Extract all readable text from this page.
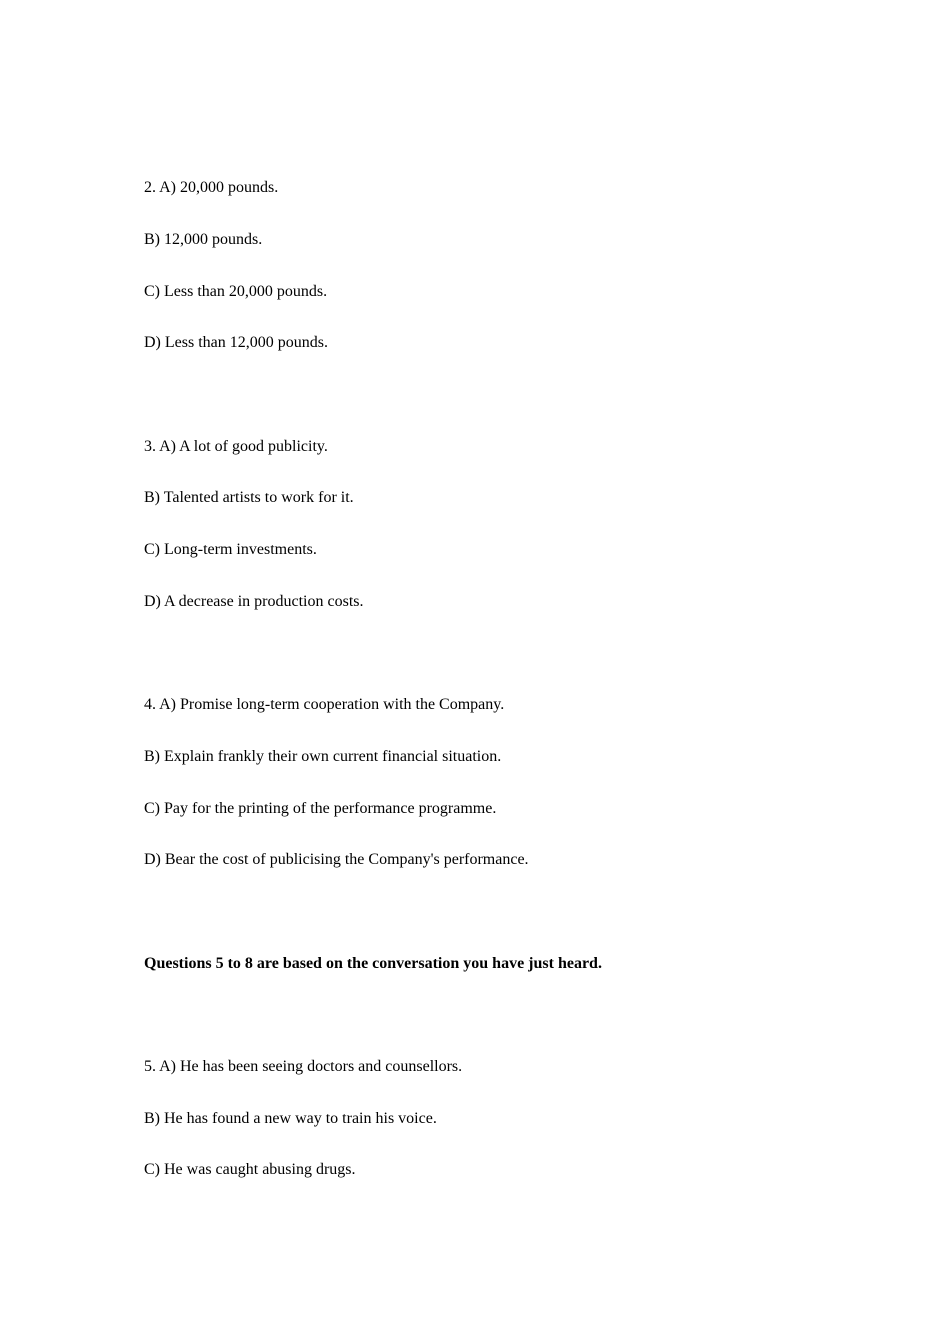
2. A) 20,000 pounds.

B) 12,000 pounds.

C) Less than 20,000 pounds.

D) Less than 12,000 pounds.

3. A) A lot of good publicity.

B) Talented artists to work for it.

C) Long-term investments.

D) A decrease in production costs.

4. A) Promise long-term cooperation with the Company.

B) Explain frankly their own current financial situation.

C) Pay for the printing of the performance programme.

D) Bear the cost of publicising the Company's performance.

Questions 5 to 8 are based on the conversation you have just heard.

5. A) He has been seeing doctors and counsellors.

B) He has found a new way to train his voice.

C) He was caught abusing drugs.
